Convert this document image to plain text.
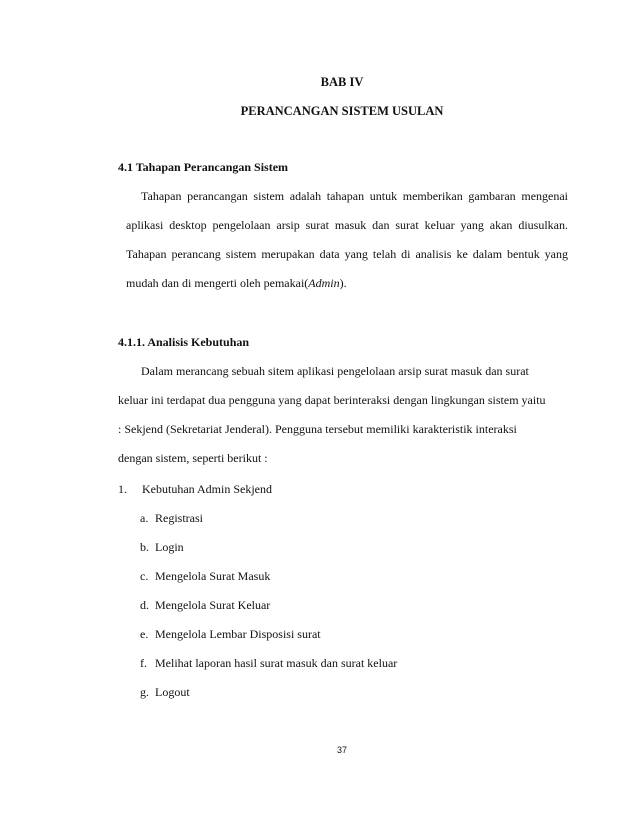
BAB IV
PERANCANGAN SISTEM USULAN
4.1 Tahapan Perancangan Sistem
Tahapan perancangan sistem adalah tahapan untuk memberikan gambaran mengenai
aplikasi desktop pengelolaan arsip surat masuk dan surat keluar yang akan diusulkan.
Tahapan perancang sistem merupakan data yang telah di analisis ke dalam bentuk yang
mudah dan di mengerti oleh pemakai(Admin).
4.1.1. Analisis Kebutuhan
Dalam merancang sebuah sitem aplikasi pengelolaan arsip surat masuk dan surat
keluar ini terdapat dua pengguna yang dapat berinteraksi dengan lingkungan sistem yaitu
: Sekjend (Sekretariat Jenderal). Pengguna tersebut memiliki karakteristik interaksi
dengan sistem, seperti berikut :
1. Kebutuhan Admin Sekjend
a. Registrasi
b. Login
c. Mengelola Surat Masuk
d. Mengelola Surat Keluar
e. Mengelola Lembar Disposisi surat
f. Melihat laporan hasil surat masuk dan surat keluar
g. Logout
37
